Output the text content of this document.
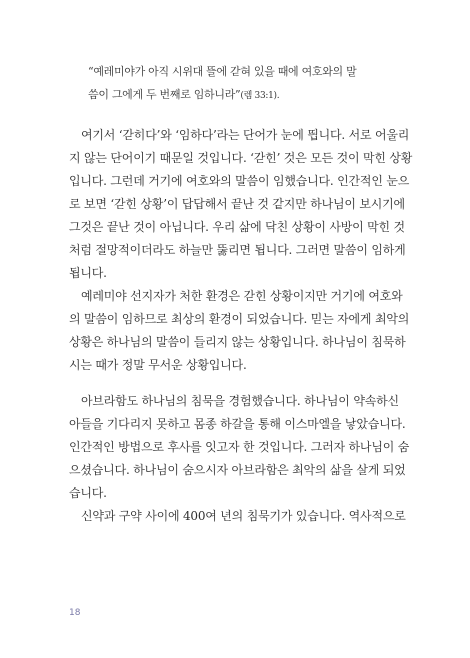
“예레미야가 아직 시위대 뜰에 갇혀 있을 때에 여호와의 말
씀이 그에게 두 번째로 임하니라”(렘 33:1).
여기서 ‘갇히다’와 ‘임하다’라는 단어가 눈에 띕니다. 서로 어울리
지 않는 단어이기 때문일 것입니다. ‘갇힌’ 것은 모든 것이 막힌 상황
입니다. 그런데 거기에 여호와의 말씀이 임했습니다. 인간적인 눈으
로 보면 ‘갇힌 상황’이 답답해서 끝난 것 같지만 하나님이 보시기에
그것은 끝난 것이 아닙니다. 우리 삶에 닥친 상황이 사방이 막힌 것
처럼 절망적이더라도 하늘만 뚫리면 됩니다. 그러면 말씀이 임하게
됩니다.
예레미야 선지자가 처한 환경은 갇힌 상황이지만 거기에 여호와
의 말씀이 임하므로 최상의 환경이 되었습니다. 믿는 자에게 최악의
상황은 하나님의 말씀이 들리지 않는 상황입니다. 하나님이 침묵하
시는 때가 정말 무서운 상황입니다.
아브라함도 하나님의 침묵을 경험했습니다. 하나님이 약속하신
아들을 기다리지 못하고 몸종 하갈을 통해 이스마엘을 낳았습니다.
인간적인 방법으로 후사를 잇고자 한 것입니다. 그러자 하나님이 숨
으셨습니다. 하나님이 숨으시자 아브라함은 최악의 삶을 살게 되었
습니다.
신약과 구약 사이에 400여 년의 침묵기가 있습니다. 역사적으로
18
